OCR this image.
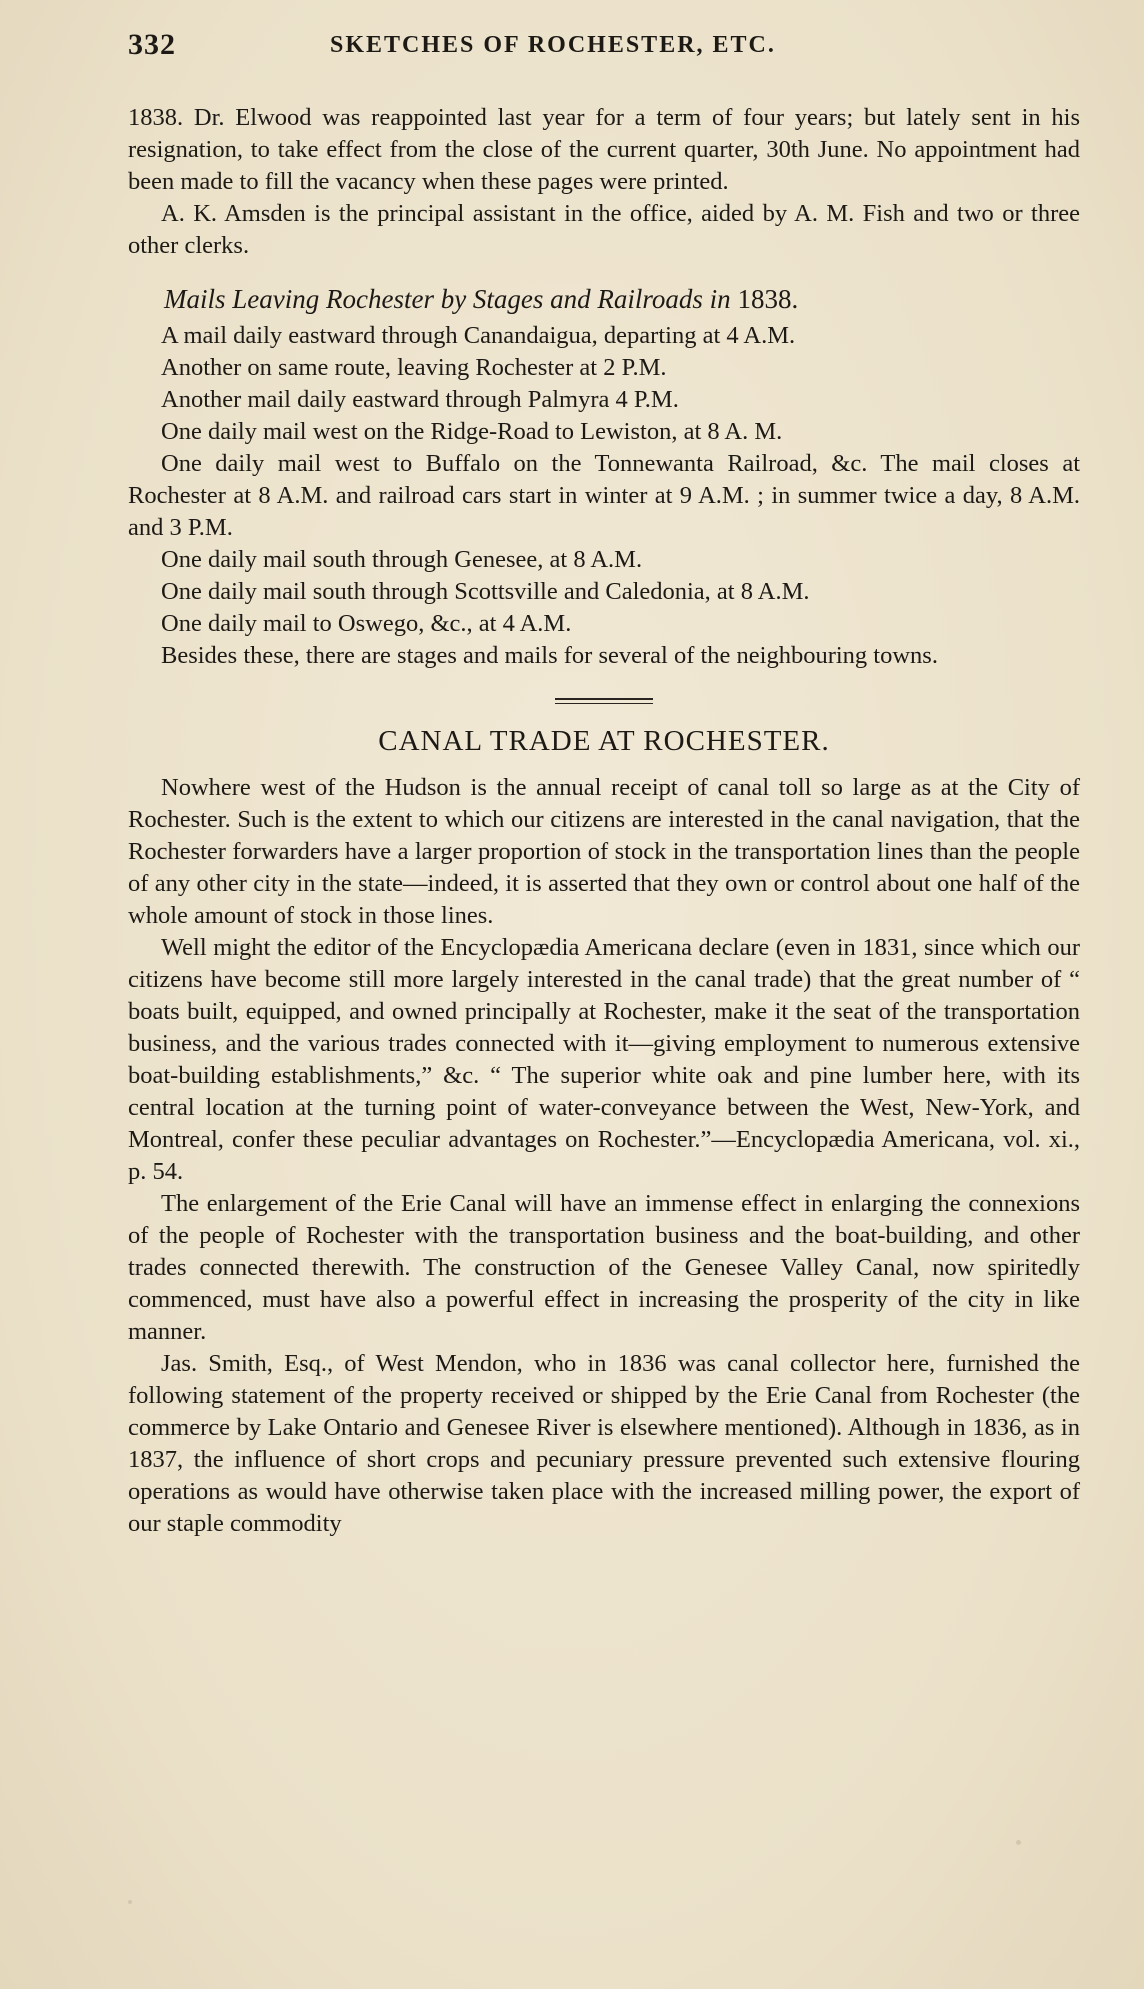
332	SKETCHES OF ROCHESTER, ETC.

1838. Dr. Elwood was reappointed last year for a term of four years; but lately sent in his resignation, to take effect from the close of the current quarter, 30th June. No appointment had been made to fill the vacancy when these pages were printed.

A. K. Amsden is the principal assistant in the office, aided by A. M. Fish and two or three other clerks.

Mails Leaving Rochester by Stages and Railroads in 1838.

A mail daily eastward through Canandaigua, departing at 4 A.M.

Another on same route, leaving Rochester at 2 P.M.

Another mail daily eastward through Palmyra 4 P.M.

One daily mail west on the Ridge-Road to Lewiston, at 8 A. M.

One daily mail west to Buffalo on the Tonnewanta Railroad, &c. The mail closes at Rochester at 8 A.M. and railroad cars start in winter at 9 A.M. ; in summer twice a day, 8 A.M. and 3 P.M.

One daily mail south through Genesee, at 8 A.M.

One daily mail south through Scottsville and Caledonia, at 8 A.M.

One daily mail to Oswego, &c., at 4 A.M.

Besides these, there are stages and mails for several of the neighbouring towns.

CANAL TRADE AT ROCHESTER.

Nowhere west of the Hudson is the annual receipt of canal toll so large as at the City of Rochester. Such is the extent to which our citizens are interested in the canal navigation, that the Rochester forwarders have a larger proportion of stock in the transportation lines than the people of any other city in the state—indeed, it is asserted that they own or control about one half of the whole amount of stock in those lines.

Well might the editor of the Encyclopædia Americana declare (even in 1831, since which our citizens have become still more largely interested in the canal trade) that the great number of “ boats built, equipped, and owned principally at Rochester, make it the seat of the transportation business, and the various trades connected with it—giving employment to numerous extensive boat-building establishments,” &c. “ The superior white oak and pine lumber here, with its central location at the turning point of water-conveyance between the West, New-York, and Montreal, confer these peculiar advantages on Rochester.”—Encyclopædia Americana, vol. xi., p. 54.

The enlargement of the Erie Canal will have an immense effect in enlarging the connexions of the people of Rochester with the transportation business and the boat-building, and other trades connected therewith. The construction of the Genesee Valley Canal, now spiritedly commenced, must have also a powerful effect in increasing the prosperity of the city in like manner.

Jas. Smith, Esq., of West Mendon, who in 1836 was canal collector here, furnished the following statement of the property received or shipped by the Erie Canal from Rochester (the commerce by Lake Ontario and Genesee River is elsewhere mentioned). Although in 1836, as in 1837, the influence of short crops and pecuniary pressure prevented such extensive flouring operations as would have otherwise taken place with the increased milling power, the export of our staple commodity
